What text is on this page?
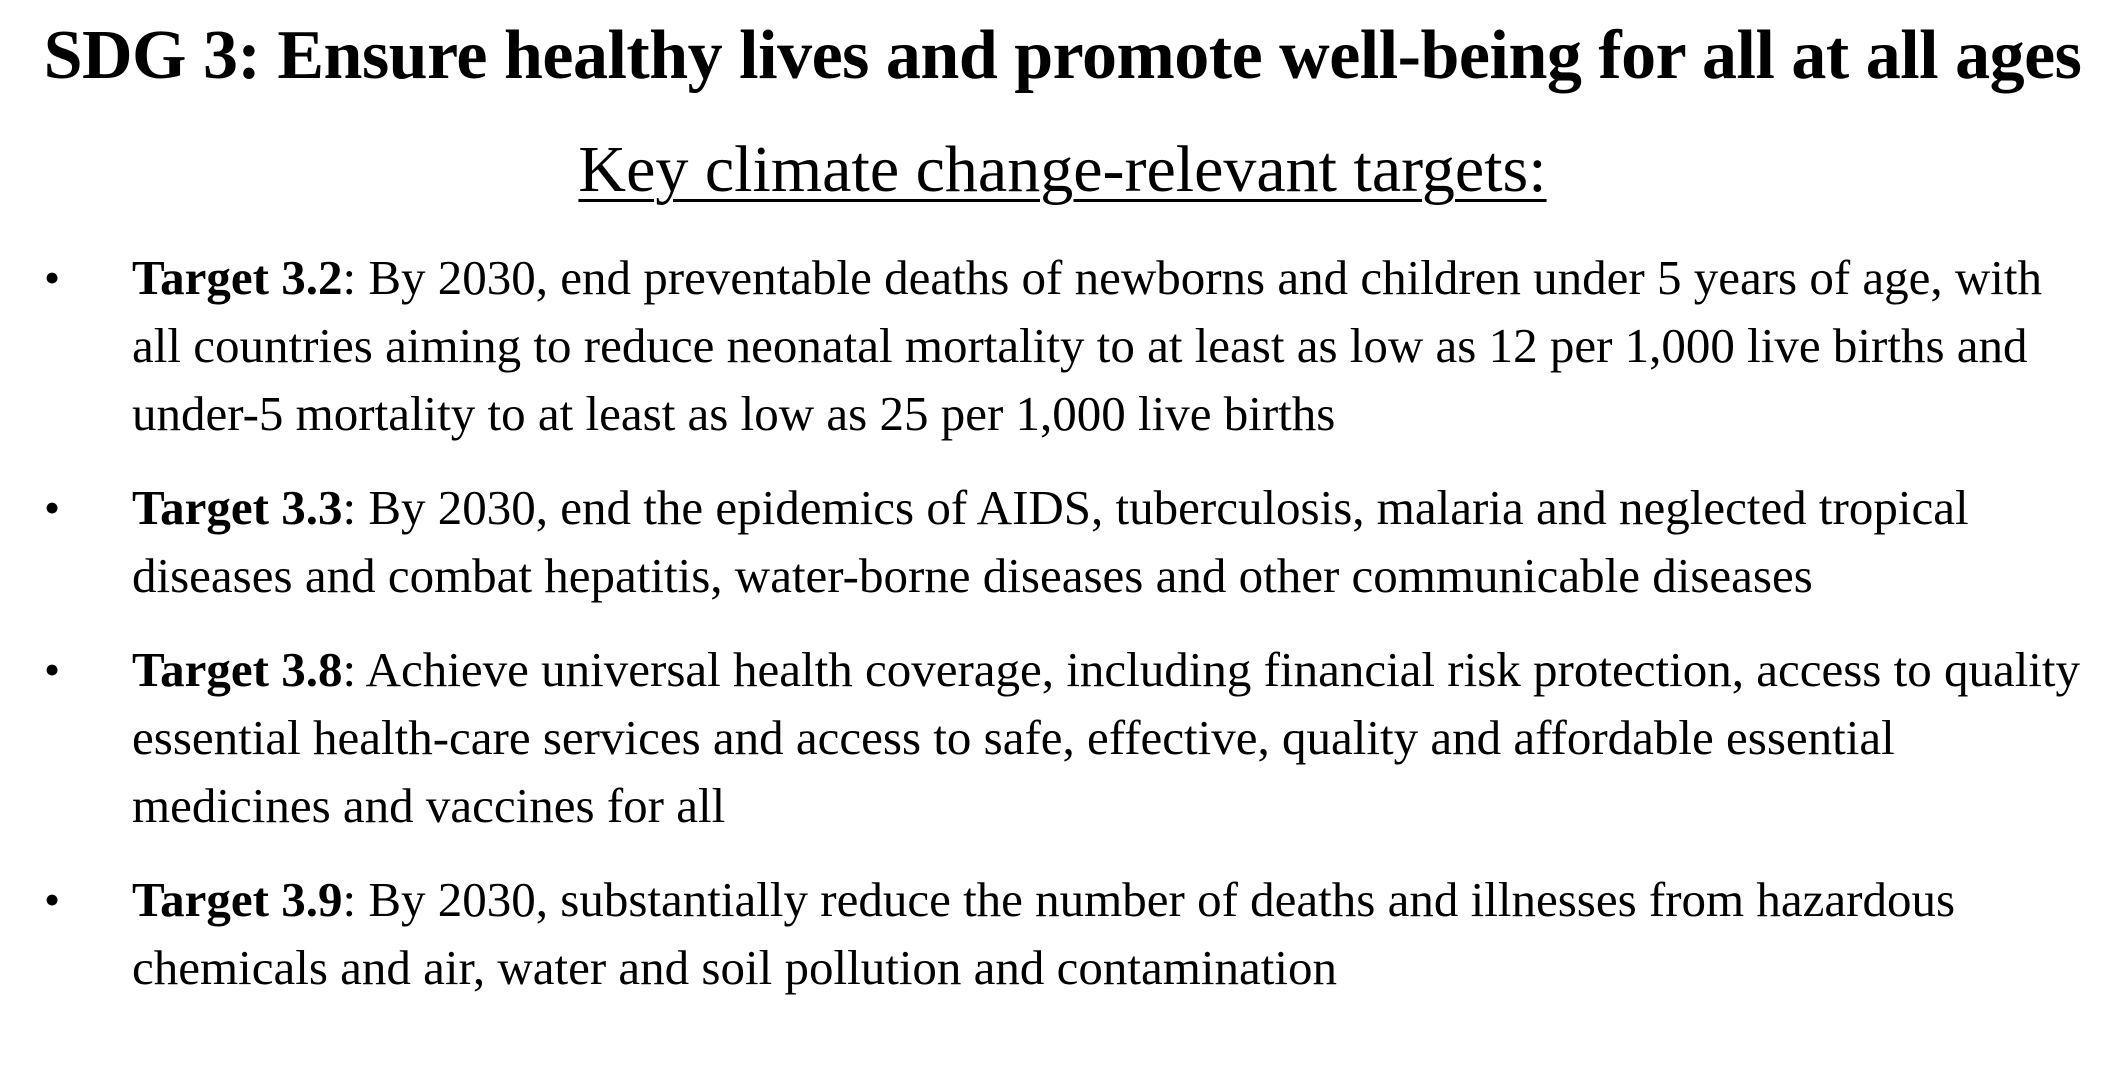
SDG 3: Ensure healthy lives and promote well-being for all at all ages
Key climate change-relevant targets:
• Target 3.2: By 2030, end preventable deaths of newborns and children under 5 years of age, with all countries aiming to reduce neonatal mortality to at least as low as 12 per 1,000 live births and under-5 mortality to at least as low as 25 per 1,000 live births
• Target 3.3: By 2030, end the epidemics of AIDS, tuberculosis, malaria and neglected tropical diseases and combat hepatitis, water-borne diseases and other communicable diseases
• Target 3.8: Achieve universal health coverage, including financial risk protection, access to quality essential health-care services and access to safe, effective, quality and affordable essential medicines and vaccines for all
• Target 3.9: By 2030, substantially reduce the number of deaths and illnesses from hazardous chemicals and air, water and soil pollution and contamination
